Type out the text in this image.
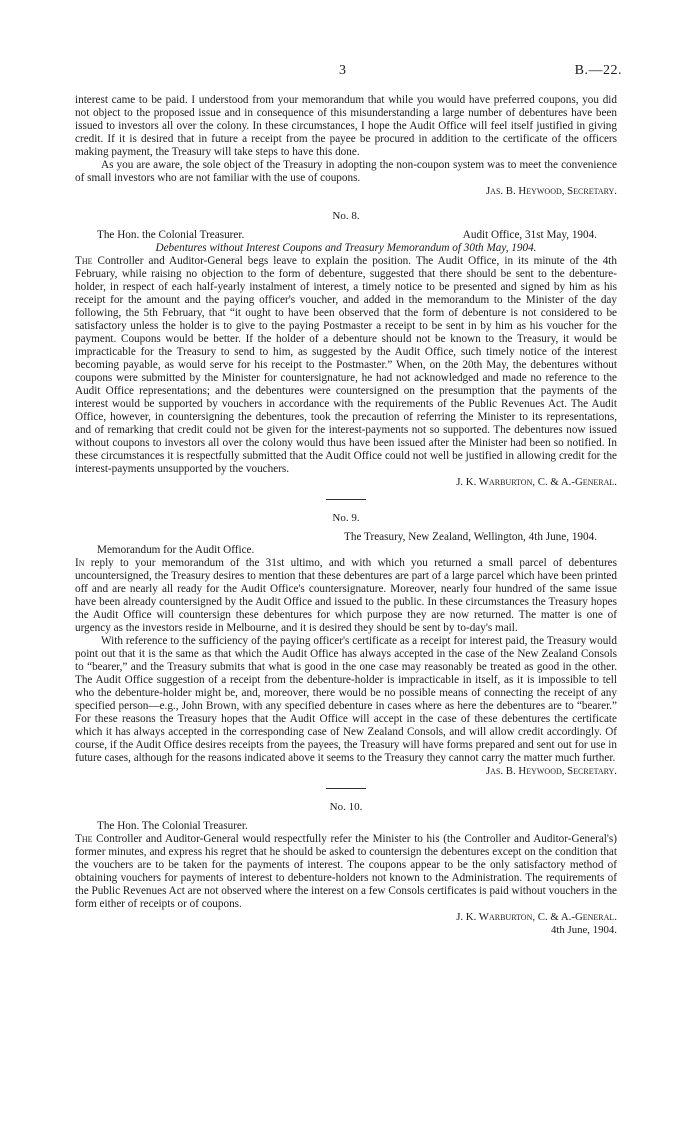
3	B.—22.

interest came to be paid. I understood from your memorandum that while you would have preferred coupons, you did not object to the proposed issue and in consequence of this misunderstanding a large number of debentures have been issued to investors all over the colony. In these circumstances, I hope the Audit Office will feel itself justified in giving credit. If it is desired that in future a receipt from the payee be procured in addition to the certificate of the officers making payment, the Treasury will take steps to have this done.

As you are aware, the sole object of the Treasury in adopting the non-coupon system was to meet the convenience of small investors who are not familiar with the use of coupons.

Jas. B. Heywood, Secretary.

No. 8.
The Hon. the Colonial Treasurer.	Audit Office, 31st May, 1904.

Debentures without Interest Coupons and Treasury Memorandum of 30th May, 1904.

The Controller and Auditor-General begs leave to explain the position. The Audit Office, in its minute of the 4th February, while raising no objection to the form of debenture, suggested that there should be sent to the debenture-holder, in respect of each half-yearly instalment of interest, a timely notice to be presented and signed by him as his receipt for the amount and the paying officer's voucher, and added in the memorandum to the Minister of the day following, the 5th February, that “it ought to have been observed that the form of debenture is not considered to be satisfactory unless the holder is to give to the paying Postmaster a receipt to be sent in by him as his voucher for the payment. Coupons would be better. If the holder of a debenture should not be known to the Treasury, it would be impracticable for the Treasury to send to him, as suggested by the Audit Office, such timely notice of the interest becoming payable, as would serve for his receipt to the Postmaster.” When, on the 20th May, the debentures without coupons were submitted by the Minister for countersignature, he had not acknowledged and made no reference to the Audit Office representations; and the debentures were countersigned on the presumption that the payments of the interest would be supported by vouchers in accordance with the requirements of the Public Revenues Act. The Audit Office, however, in countersigning the debentures, took the precaution of referring the Minister to its representations, and of remarking that credit could not be given for the interest-payments not so supported. The debentures now issued without coupons to investors all over the colony would thus have been issued after the Minister had been so notified. In these circumstances it is respectfully submitted that the Audit Office could not well be justified in allowing credit for the interest-payments unsupported by the vouchers.

J. K. Warburton, C. & A.-General.

No. 9.

The Treasury, New Zealand, Wellington, 4th June, 1904.

Memorandum for the Audit Office.

In reply to your memorandum of the 31st ultimo, and with which you returned a small parcel of debentures uncountersigned, the Treasury desires to mention that these debentures are part of a large parcel which have been printed off and are nearly all ready for the Audit Office's countersignature. Moreover, nearly four hundred of the same issue have been already countersigned by the Audit Office and issued to the public. In these circumstances the Treasury hopes the Audit Office will countersign these debentures for which purpose they are now returned. The matter is one of urgency as the investors reside in Melbourne, and it is desired they should be sent by to-day's mail.

With reference to the sufficiency of the paying officer's certificate as a receipt for interest paid, the Treasury would point out that it is the same as that which the Audit Office has always accepted in the case of the New Zealand Consols to “bearer,” and the Treasury submits that what is good in the one case may reasonably be treated as good in the other. The Audit Office suggestion of a receipt from the debenture-holder is impracticable in itself, as it is impossible to tell who the debenture-holder might be, and, moreover, there would be no possible means of connecting the receipt of any specified person—e.g., John Brown, with any specified debenture in cases where as here the debentures are to “bearer.” For these reasons the Treasury hopes that the Audit Office will accept in the case of these debentures the certificate which it has always accepted in the corresponding case of New Zealand Consols, and will allow credit accordingly. Of course, if the Audit Office desires receipts from the payees, the Treasury will have forms prepared and sent out for use in future cases, although for the reasons indicated above it seems to the Treasury they cannot carry the matter much further.

Jas. B. Heywood, Secretary.

No. 10.

The Hon. The Colonial Treasurer.

The Controller and Auditor-General would respectfully refer the Minister to his (the Controller and Auditor-General's) former minutes, and express his regret that he should be asked to countersign the debentures except on the condition that the vouchers are to be taken for the payments of interest. The coupons appear to be the only satisfactory method of obtaining vouchers for payments of interest to debenture-holders not known to the Administration. The requirements of the Public Revenues Act are not observed where the interest on a few Consols certificates is paid without vouchers in the form either of receipts or of coupons.

J. K. Warburton, C. & A.-General.

4th June, 1904.
